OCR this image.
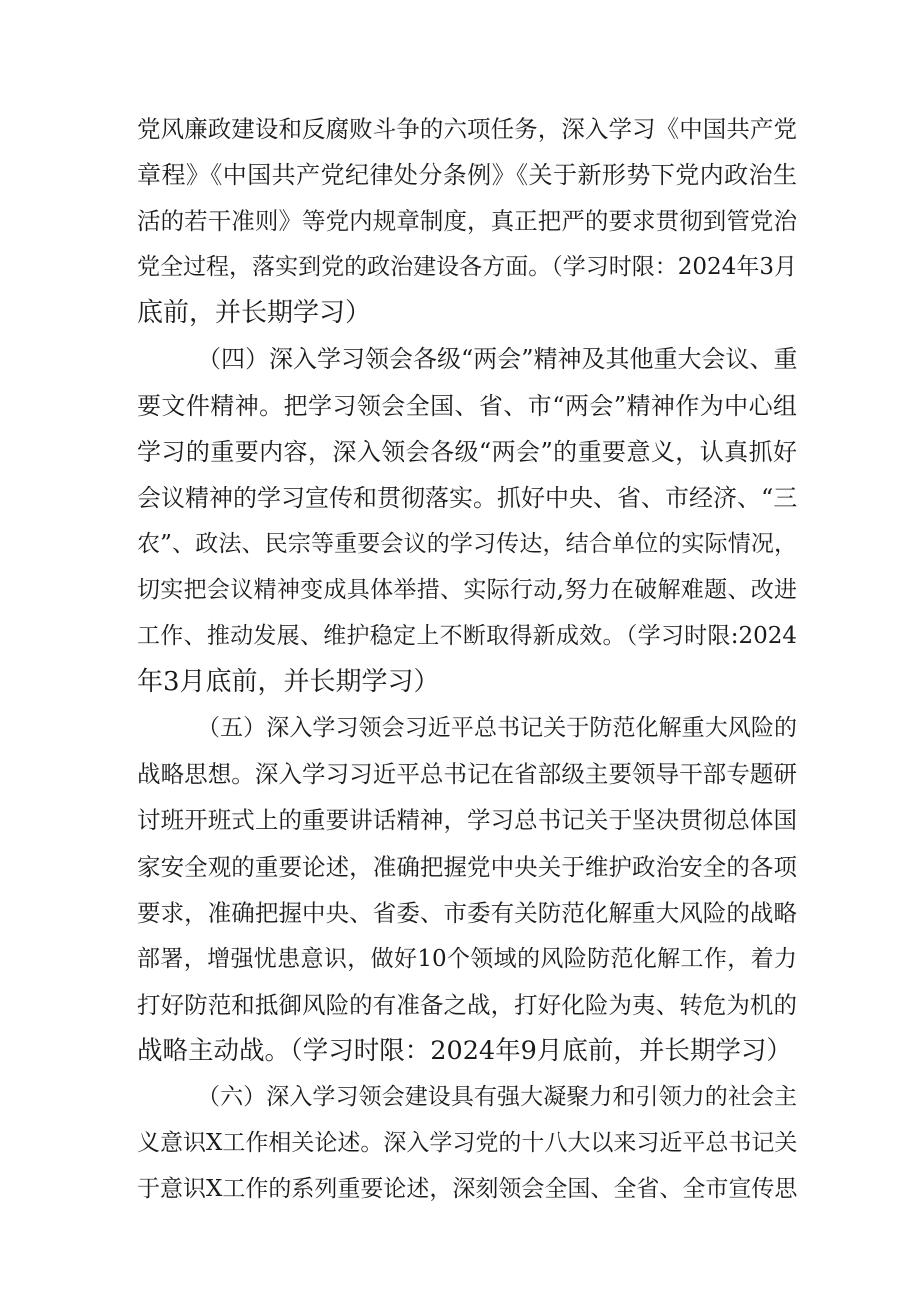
党风廉政建设和反腐败斗争的六项任务，深入学习《中国共产党
章程》《中国共产党纪律处分条例》《关于新形势下党内政治生
活的若干准则》等党内规章制度，真正把严的要求贯彻到管党治
党全过程，落实到党的政治建设各方面。（学习时限：2024年3月
底前，并长期学习）
（四）深入学习领会各级“两会”精神及其他重大会议、重
要文件精神。把学习领会全国、省、市“两会”精神作为中心组
学习的重要内容，深入领会各级“两会”的重要意义，认真抓好
会议精神的学习宣传和贯彻落实。抓好中央、省、市经济、“三
农”、政法、民宗等重要会议的学习传达，结合单位的实际情况，
切实把会议精神变成具体举措、实际行动,努力在破解难题、改进
工作、推动发展、维护稳定上不断取得新成效。（学习时限:2024
年3月底前，并长期学习）
（五）深入学习领会习近平总书记关于防范化解重大风险的
战略思想。深入学习习近平总书记在省部级主要领导干部专题研
讨班开班式上的重要讲话精神，学习总书记关于坚决贯彻总体国
家安全观的重要论述，准确把握党中央关于维护政治安全的各项
要求，准确把握中央、省委、市委有关防范化解重大风险的战略
部署，增强忧患意识，做好10个领域的风险防范化解工作，着力
打好防范和抵御风险的有准备之战，打好化险为夷、转危为机的
战略主动战。（学习时限：2024年9月底前，并长期学习）
（六）深入学习领会建设具有强大凝聚力和引领力的社会主
义意识X工作相关论述。深入学习党的十八大以来习近平总书记关
于意识X工作的系列重要论述，深刻领会全国、全省、全市宣传思
